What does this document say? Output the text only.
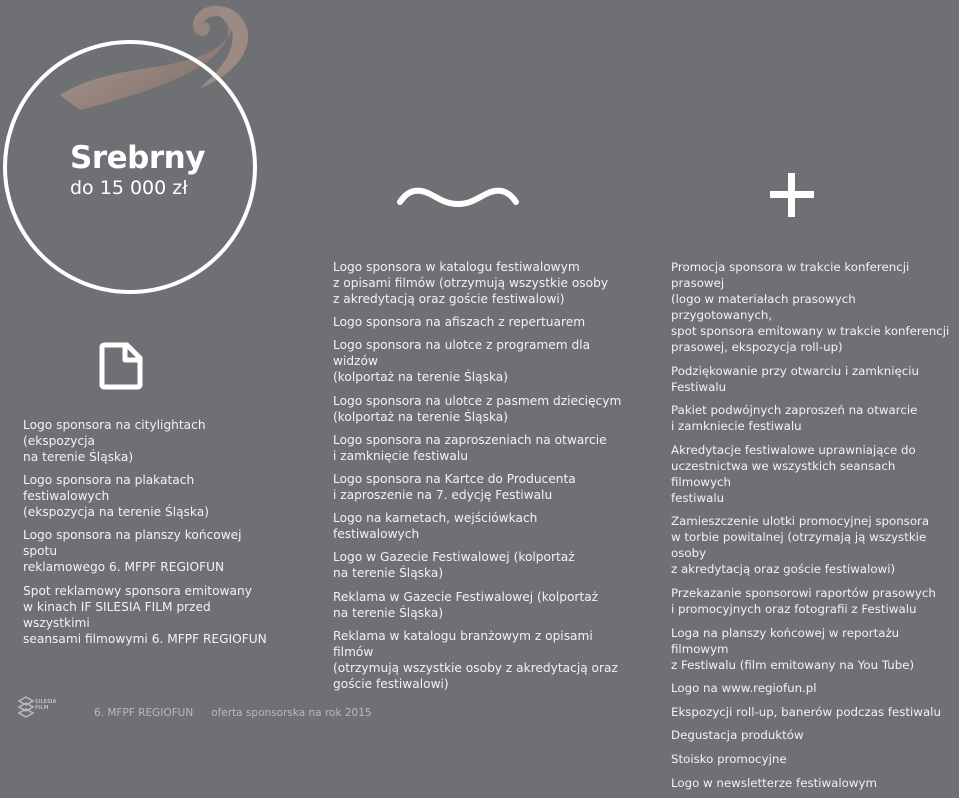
Srebrny
do 15 000 zł
Logo sponsora na citylightach (ekspozycja
na terenie Śląska)
Logo sponsora na plakatach festiwalowych
(ekspozycja na terenie Śląska)
Logo sponsora na planszy końcowej spotu
reklamowego 6. MFPF REGIOFUN
Spot reklamowy sponsora emitowany
w kinach IF SILESIA FILM przed wszystkimi
seansami filmowymi 6. MFPF REGIOFUN
Logo sponsora w katalogu festiwalowym
z opisami filmów (otrzymują wszystkie osoby
z akredytacją oraz goście festiwalowi)
Logo sponsora na afiszach z repertuarem
Logo sponsora na ulotce z programem dla widzów
(kolportaż na terenie Śląska)
Logo sponsora na ulotce z pasmem dziecięcym
(kolportaż na terenie Śląska)
Logo sponsora na zaproszeniach na otwarcie
i zamknięcie festiwalu
Logo sponsora na Kartce do Producenta
i zaproszenie na 7. edycję Festiwalu
Logo na karnetach, wejściówkach festiwalowych
Logo w Gazecie Festiwalowej (kolportaż
na terenie Śląska)
Reklama w Gazecie Festiwalowej (kolportaż
na terenie Śląska)
Reklama w katalogu branżowym z opisami filmów
(otrzymują wszystkie osoby z akredytacją oraz
goście festiwalowi)
Promocja sponsora w trakcie konferencji prasowej
(logo w materiałach prasowych przygotowanych,
spot sponsora emitowany w trakcie konferencji
prasowej, ekspozycja roll-up)
Podziękowanie przy otwarciu i zamknięciu Festiwalu
Pakiet podwójnych zaproszeń na otwarcie
i zamkniecie festiwalu
Akredytacje festiwalowe uprawniające do
uczestnictwa we wszystkich seansach filmowych
festiwalu
Zamieszczenie ulotki promocyjnej sponsora
w torbie powitalnej (otrzymają ją wszystkie osoby
z akredytacją oraz goście festiwalowi)
Przekazanie sponsorowi raportów prasowych
i promocyjnych oraz fotografii z Festiwalu
Loga na planszy końcowej w reportażu filmowym
z Festiwalu (film emitowany na You Tube)
Logo na www.regiofun.pl
Ekspozycji roll-up, banerów podczas festiwalu
Degustacja produktów
Stoisko promocyjne
Logo w newsletterze festiwalowym
SILESIA
FILM	6. MFPF REGIOFUN oferta sponsorska na rok 2015
